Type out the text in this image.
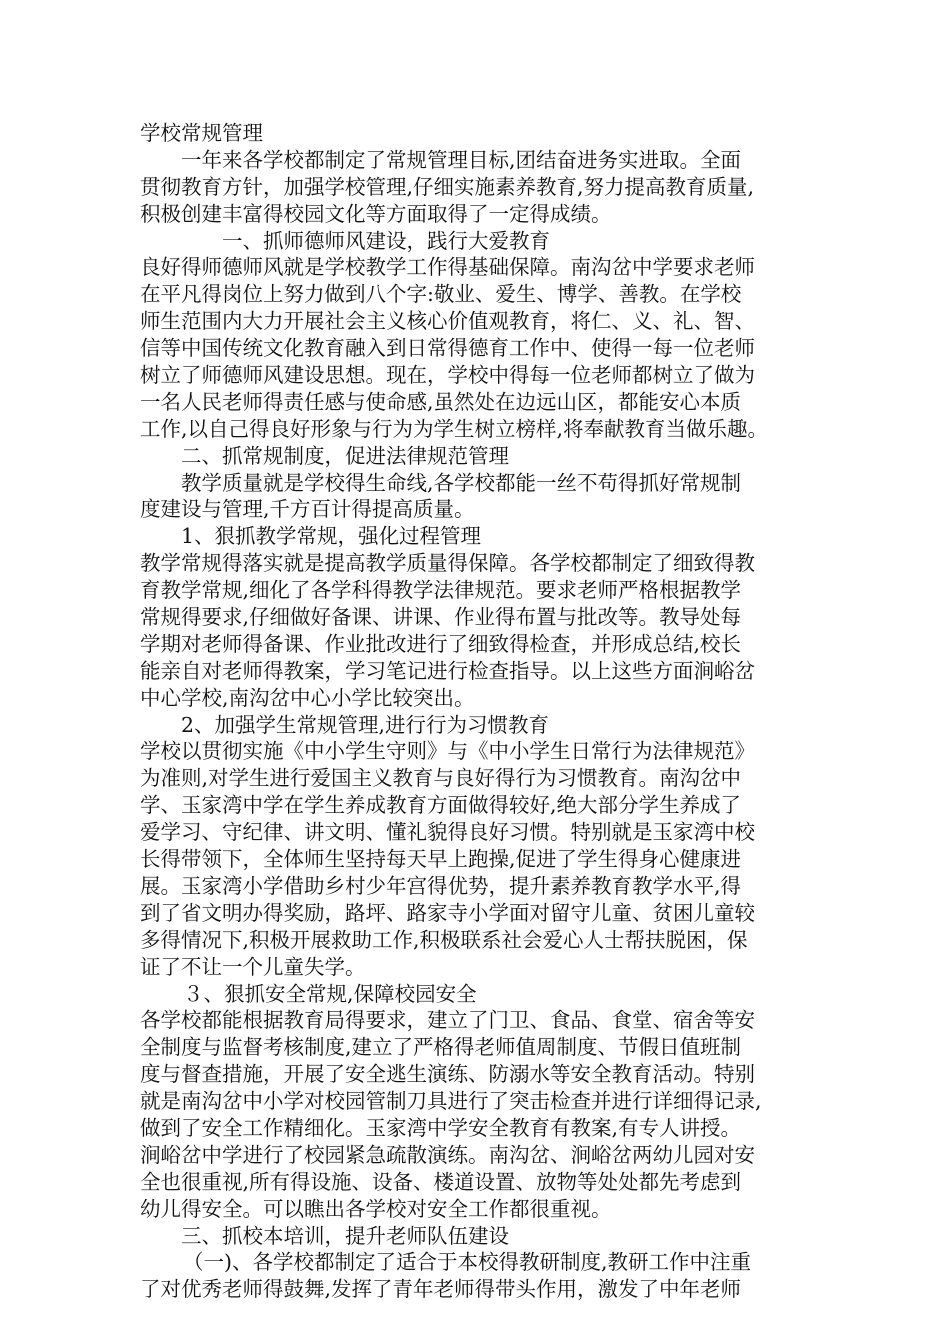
学校常规管理
一年来各学校都制定了常规管理目标,团结奋进务实进取。全面
贯彻教育方针，加强学校管理,仔细实施素养教育,努力提高教育质量,
积极创建丰富得校园文化等方面取得了一定得成绩。
一、抓师德师风建设，践行大爱教育
良好得师德师风就是学校教学工作得基础保障。南沟岔中学要求老师
在平凡得岗位上努力做到八个字:敬业、爱生、博学、善教。在学校
师生范围内大力开展社会主义核心价值观教育，将仁、义、礼、智、
信等中国传统文化教育融入到日常得德育工作中、使得一每一位老师
树立了师德师风建设思想。现在，学校中得每一位老师都树立了做为
一名人民老师得责任感与使命感,虽然处在边远山区，都能安心本质
工作,以自己得良好形象与行为为学生树立榜样,将奉献教育当做乐趣。
二、抓常规制度，促进法律规范管理
教学质量就是学校得生命线,各学校都能一丝不苟得抓好常规制
度建设与管理,千方百计得提高质量。
1、狠抓教学常规，强化过程管理
教学常规得落实就是提高教学质量得保障。各学校都制定了细致得教
育教学常规,细化了各学科得教学法律规范。要求老师严格根据教学
常规得要求,仔细做好备课、讲课、作业得布置与批改等。教导处每
学期对老师得备课、作业批改进行了细致得检查，并形成总结,校长
能亲自对老师得教案，学习笔记进行检查指导。以上这些方面涧峪岔
中心学校,南沟岔中心小学比较突出。
2、加强学生常规管理,进行行为习惯教育
学校以贯彻实施《中小学生守则》与《中小学生日常行为法律规范》
为准则,对学生进行爱国主义教育与良好得行为习惯教育。南沟岔中
学、玉家湾中学在学生养成教育方面做得较好,绝大部分学生养成了
爱学习、守纪律、讲文明、懂礼貌得良好习惯。特别就是玉家湾中校
长得带领下，全体师生坚持每天早上跑操,促进了学生得身心健康进
展。玉家湾小学借助乡村少年宫得优势，提升素养教育教学水平,得
到了省文明办得奖励，路坪、路家寺小学面对留守儿童、贫困儿童较
多得情况下,积极开展救助工作,积极联系社会爱心人士帮扶脱困，保
证了不让一个儿童失学。
３、狠抓安全常规,保障校园安全
各学校都能根据教育局得要求，建立了门卫、食品、食堂、宿舍等安
全制度与监督考核制度,建立了严格得老师值周制度、节假日值班制
度与督查措施，开展了安全逃生演练、防溺水等安全教育活动。特别
就是南沟岔中小学对校园管制刀具进行了突击检查并进行详细得记录,
做到了安全工作精细化。玉家湾中学安全教育有教案,有专人讲授。
涧峪岔中学进行了校园紧急疏散演练。南沟岔、涧峪岔两幼儿园对安
全也很重视,所有得设施、设备、楼道设置、放物等处处都先考虑到
幼儿得安全。可以瞧出各学校对安全工作都很重视。
三、抓校本培训，提升老师队伍建设
（一)、各学校都制定了适合于本校得教研制度,教研工作中注重
了对优秀老师得鼓舞,发挥了青年老师得带头作用，激发了中年老师
